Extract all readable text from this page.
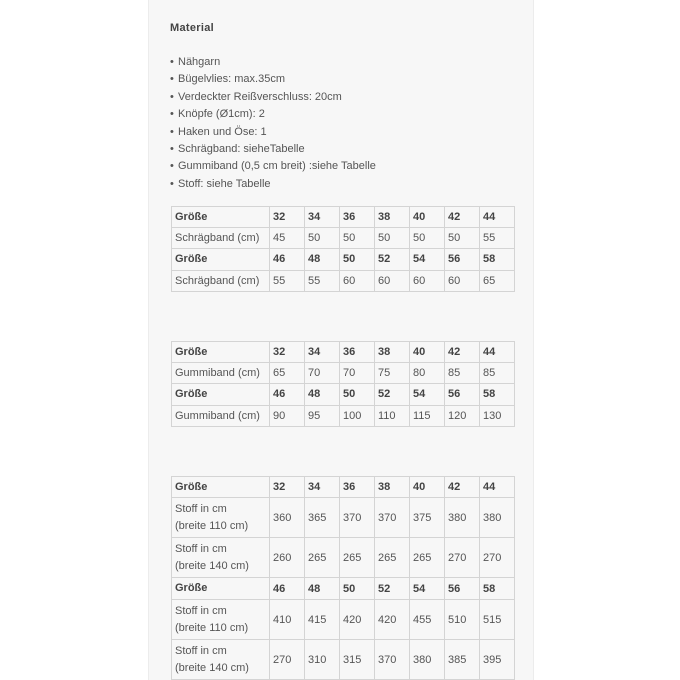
Material
• Nähgarn
• Bügelvlies: max.35cm
• Verdeckter Reißverschluss: 20cm
• Knöpfe (Ø1cm): 2
• Haken und Öse: 1
• Schrägband: sieheTabelle
• Gummiband (0,5 cm breit) :siehe Tabelle
• Stoff: siehe Tabelle
Größe	32	34	36	38	40	42	44
Schrägband (cm)	45	50	50	50	50	50	55
Größe	46	48	50	52	54	56	58
Schrägband (cm)	55	55	60	60	60	60	65
Größe	32	34	36	38	40	42	44
Gummiband (cm)	65	70	70	75	80	85	85
Größe	46	48	50	52	54	56	58
Gummiband (cm)	90	95	100	110	115	120	130
Größe	32	34	36	38	40	42	44
Stoff in cm
(breite 110 cm)	360	365	370	370	375	380	380
Stoff in cm
(breite 140 cm)	260	265	265	265	265	270	270
Größe	46	48	50	52	54	56	58
Stoff in cm
(breite 110 cm)	410	415	420	420	455	510	515
Stoff in cm
(breite 140 cm)	270	310	315	370	380	385	395
